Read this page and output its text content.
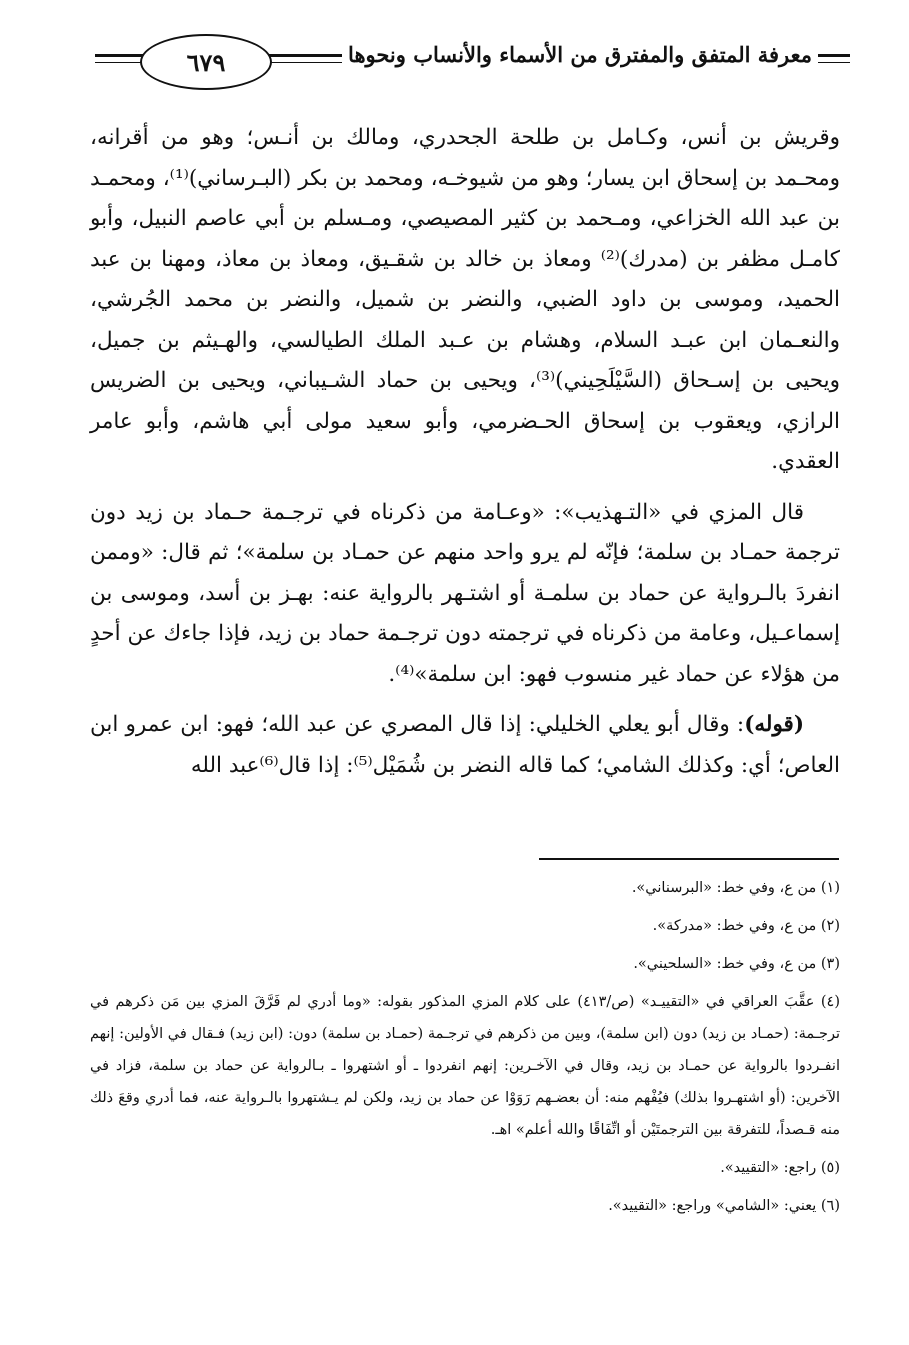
٦٧٩	معرفة المتفق والمفترق من الأسماء والأنساب ونحوها

وقريش بن أنس، وكـامل بن طلحة الجحدري، ومالك بن أنـس؛ وهو من أقرانه، ومحـمد بن إسحاق ابن يسار؛ وهو من شيوخـه، ومحمد بن بكر (البـرساني)⁽¹⁾، ومحمـد بن عبد الله الخزاعي، ومـحمد بن كثير المصيصي، ومـسلم بن أبي عاصم النبيل، وأبو كامـل مظفر بن (مدرك)⁽²⁾ ومعاذ بن خالد بن شقـيق، ومعاذ بن معاذ، ومهنا بن عبد الحميد، وموسى بن داود الضبي، والنضر بن شميل، والنضر بن محمد الجُرشي، والنعـمان ابن عبـد السلام، وهشام بن عـبد الملك الطيالسي، والهـيثم بن جميل، ويحيى بن إسـحاق (السَّيْلَحِيني)⁽³⁾، ويحيى بن حماد الشـيباني، ويحيى بن الضريس الرازي، ويعقوب بن إسحاق الحـضرمي، وأبو سعيد مولى أبي هاشم، وأبو عامر العقدي.

قال المزي في «التـهذيب»: «وعـامة من ذكرناه في ترجـمة حـماد بن زيد دون ترجمة حمـاد بن سلمة؛ فإنّه لم يرو واحد منهم عن حمـاد بن سلمة»؛ ثم قال: «وممن انفردَ بالـرواية عن حماد بن سلمـة أو اشتـهر بالرواية عنه: بهـز بن أسد، وموسى بن إسماعـيل، وعامة من ذكرناه في ترجمته دون ترجـمة حماد بن زيد، فإذا جاءك عن أحدٍ من هؤلاء عن حماد غير منسوب فهو: ابن سلمة»⁽⁴⁾.

(قوله): وقال أبو يعلي الخليلي: إذا قال المصري عن عبد الله؛ فهو: ابن عمرو ابن العاص؛ أي: وكذلك الشامي؛ كما قاله النضر بن شُمَيْل⁽⁵⁾: إذا قال⁽⁶⁾عبد الله

(١) من ع، وفي خط: «البرسناني».

(٢) من ع، وفي خط: «مدركة».

(٣) من ع، وفي خط: «السلحيني».

(٤) عقَّبَ العراقي في «التقييـد» (ص/٤١٣) على كلام المزي المذكور بقوله: «وما أدري لم فَرَّقَ المزي بين مَن ذكرهم في ترجـمة: (حمـاد بن زيد) دون (ابن سلمة)، وبين من ذكرهم في ترجـمة (حمـاد بن سلمة) دون: (ابن زيد) فـقال في الأولين: إنهم انفـردوا بالرواية عن حمـاد بن زيد، وقال في الآخـرين: إنهم انفردوا ـ أو اشتهروا ـ بـالرواية عن حماد بن سلمة، فزاد في الآخرين: (أو اشتهـروا بذلك) فيُفْهم منه: أن بعضـهم رَوَوْا عن حماد بن زيد، ولكن لم يـشتهروا بالـرواية عنه، فما أدري وقعَ ذلك منه قـصداً، للتفرقة بين الترجمتَيْن أو اتِّفَاقًا والله أعلم» اهـ.

(٥) راجع: «التقييد».

(٦) يعني: «الشامي» وراجع: «التقييد».
